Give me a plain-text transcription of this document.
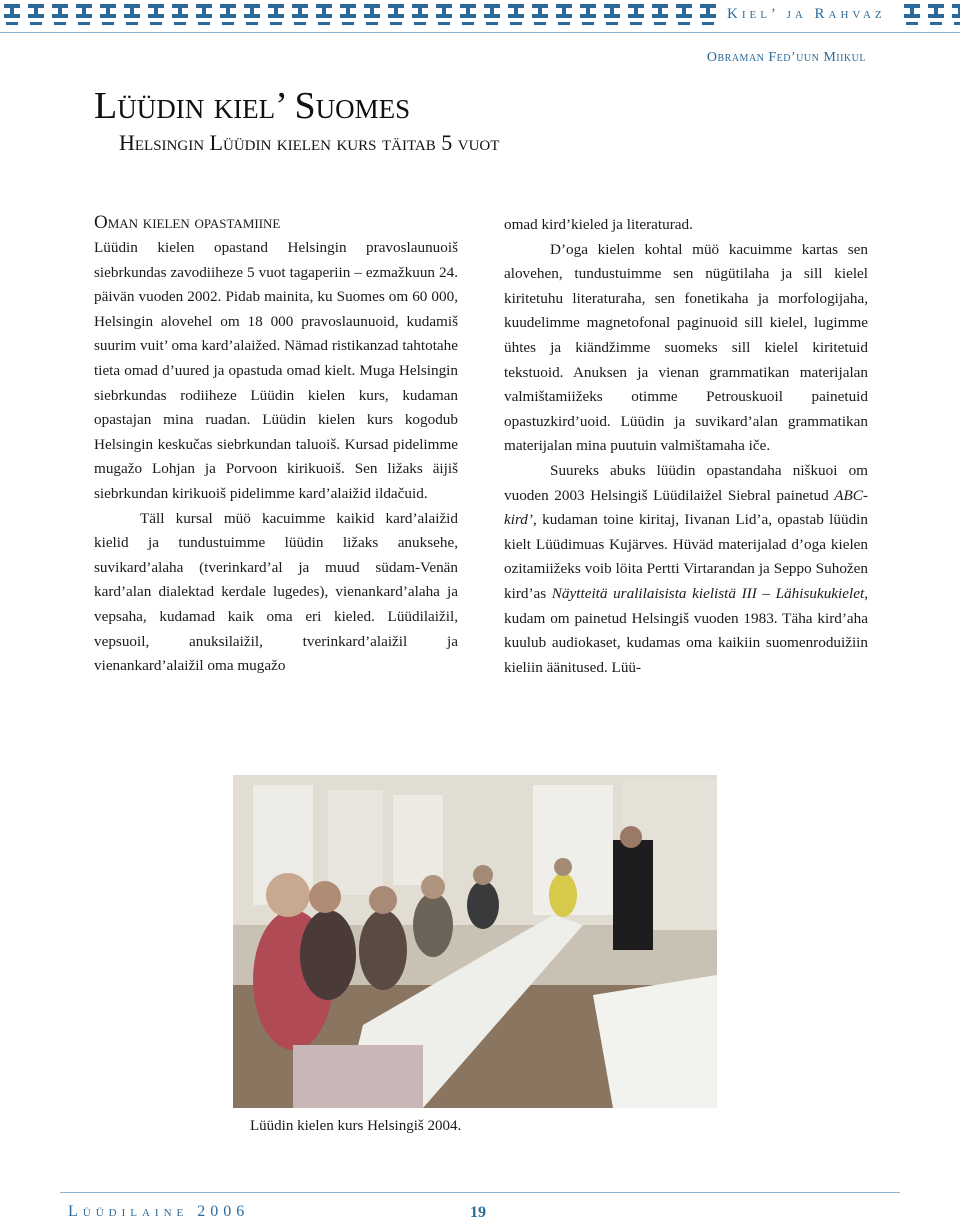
Kiel’ ja Rahvaz
Obraman Fed’uun Miikul
Lüüdin kiel’ Suomes
Helsingin Lüüdin kielen kurs täitab 5 vuot

Oman kielen opastamiine

Lüüdin kielen opastand Helsingin pravoslaunuoiš siebrkundas zavodiiheze 5 vuot tagaperiin – ezmažkuun 24. päivän vuoden 2002. Pidab mainita, ku Suomes om 60 000, Helsingin alovehel om 18 000 pravoslaunuoid, kudamiš suurim vuit’ oma kard’alaižed. Nämad ristikanzad tahtotahe tieta omad d’uured ja opastuda omad kielt. Muga Helsingin siebrkundas rodiiheze Lüüdin kielen kurs, kudaman opastajan mina ruadan. Lüüdin kielen kurs kogodub Helsingin keskučas siebrkundan taluoiš. Kursad pidelimme mugažo Lohjan ja Porvoon kirikuoiš. Sen ližaks äijiš siebrkundan kirikuoiš pidelimme kard’alaižid ildačuid.

Täll kursal müö kacuimme kaikid kard’alaižid kielid ja tundustuimme lüüdin ližaks anuksehe, suvikard’alaha (tverinkard’al ja muud südam-Venän kard’alan dialektad kerdale lugedes), vienankard’alaha ja vepsaha, kudamad kaik oma eri kieled. Lüüdilaižil, vepsuoil, anuksilaižil, tverinkard’alaižil ja vienankard’alaižil oma mugažo

omad kird’kieled ja literaturad.

D’oga kielen kohtal müö kacuimme kartas sen alovehen, tundustuimme sen nügütilaha ja sill kielel kiritetuhu literaturaha, sen fonetikaha ja morfologijaha, kuudelimme magnetofonal paginuoid sill kielel, lugimme ühtes ja kiändžimme suomeks sill kielel kiritetuid tekstuoid. Anuksen ja vienan grammatikan materijalan valmištamiižeks otimme Petrouskuoil painetuid opastuzkird’uoid. Lüüdin ja suvikard’alan grammatikan materijalan mina puutuin valmištamaha iče.

Suureks abuks lüüdin opastandaha niškuoi om vuoden 2003 Helsingiš Lüüdilaižel Siebral painetud ABC-kird’, kudaman toine kiritaj, Iivanan Lid’a, opastab lüüdin kielt Lüüdimuas Kujärves. Hüväd materijalad d’oga kielen ozitamiižeks voib löita Pertti Virtarandan ja Seppo Suhožen kird’as Näytteitä uralilaisista kielistä III – Lähisukukielet, kudam om painetud Helsingiš vuoden 1983. Täha kird’aha kuulub audiokaset, kudamas oma kaikiin suomenroduižiin kieliin äänitused. Lüü-

Lüüdin kielen kurs Helsingiš 2004.
Lüüdilaine 2006	19
